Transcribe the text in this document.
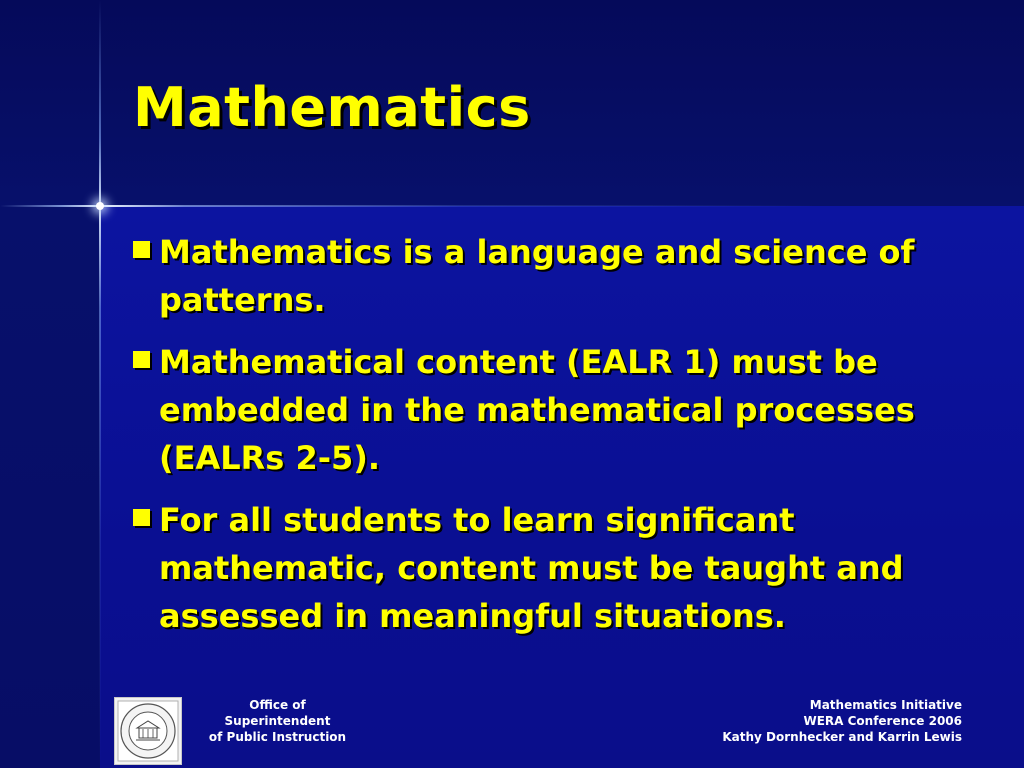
Mathematics
Mathematics is a language and science of patterns.
Mathematical content (EALR 1) must be embedded in the mathematical processes (EALRs 2-5).
For all students to learn significant mathematic, content must be taught and assessed in meaningful situations.
Office of
Superintendent
of Public Instruction
Mathematics Initiative
WERA Conference 2006
Kathy Dornhecker and Karrin Lewis
